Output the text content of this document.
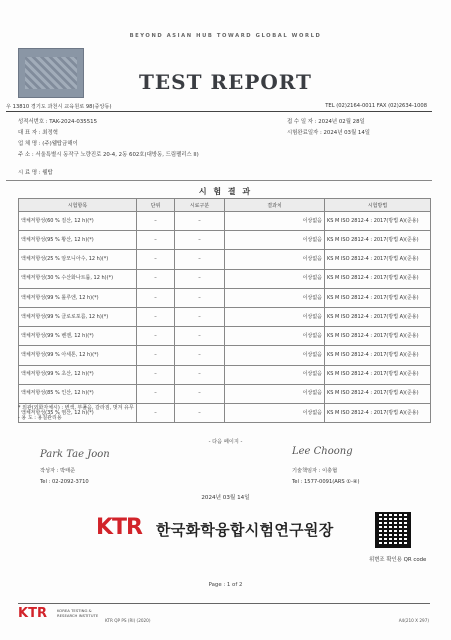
BEYOND ASIAN HUB TOWARD GLOBAL WORLD
TEST REPORT
우 13810 경기도 과천시 교육원로 98(중앙동)	TEL (02)2164-0011 FAX (02)2634-1008
성적서번호 : TAK-2024-035515
대 표 자 : 최정혁
업 체 명 : (주)웰탑금해이
주 소 : 서울특별시 동작구 노량진로 20-4, 2동 602호(대방동, 드림팰리스 II)
접 수 일 자 : 2024년 02월 28일
시험완료일자 : 2024년 03월 14일
시 료 명 : 웰탑
시 험 결 과
시험항목	단위	시료구분	결과치	시험방법
액체저항성(60 % 질산, 12 h)(*)	–	–	이상없음	KS M ISO 2812-4 : 2017(방법 A)(준용)
액체저항성(95 % 황산, 12 h)(*)	–	–	이상없음	KS M ISO 2812-4 : 2017(방법 A)(준용)
액체저항성(25 % 암모니아수, 12 h)(*)	–	–	이상없음	KS M ISO 2812-4 : 2017(방법 A)(준용)
액체저항성(30 % 수산화나트륨, 12 h)(*)	–	–	이상없음	KS M ISO 2812-4 : 2017(방법 A)(준용)
액체저항성(99 % 톨루엔, 12 h)(*)	–	–	이상없음	KS M ISO 2812-4 : 2017(방법 A)(준용)
액체저항성(99 % 클로로포름, 12 h)(*)	–	–	이상없음	KS M ISO 2812-4 : 2017(방법 A)(준용)
액체저항성(99 % 벤젠, 12 h)(*)	–	–	이상없음	KS M ISO 2812-4 : 2017(방법 A)(준용)
액체저항성(99 % 아세톤, 12 h)(*)	–	–	이상없음	KS M ISO 2812-4 : 2017(방법 A)(준용)
액체저항성(99 % 초산, 12 h)(*)	–	–	이상없음	KS M ISO 2812-4 : 2017(방법 A)(준용)
액체저항성(85 % 인산, 12 h)(*)	–	–	이상없음	KS M ISO 2812-4 : 2017(방법 A)(준용)
액체저항성(35 % 염산, 12 h)(*)	–	–	이상없음	KS M ISO 2812-4 : 2017(방법 A)(준용)
* 외관(외화자체시) : 변색, 부풀음, 갈라짐, 벗겨 유무
- 용 도 : 용칠관리용
- 다음 페이지 -
Park Tae Joon
작성자 : 박태준
Tel : 02-2092-3710
Lee Choong
기술책임자 : 이충협
Tel : 1577-0091(ARS ①-④)
2024년 03월 14일
KTR 한국화학융합시험연구원장
위변조 확인용 QR code
Page : 1 of 2
KTR	KOREA TESTING &
RESEARCH INSTITUTE
KTR QP PS (Rl) (2020)	A4(210 X 297)
